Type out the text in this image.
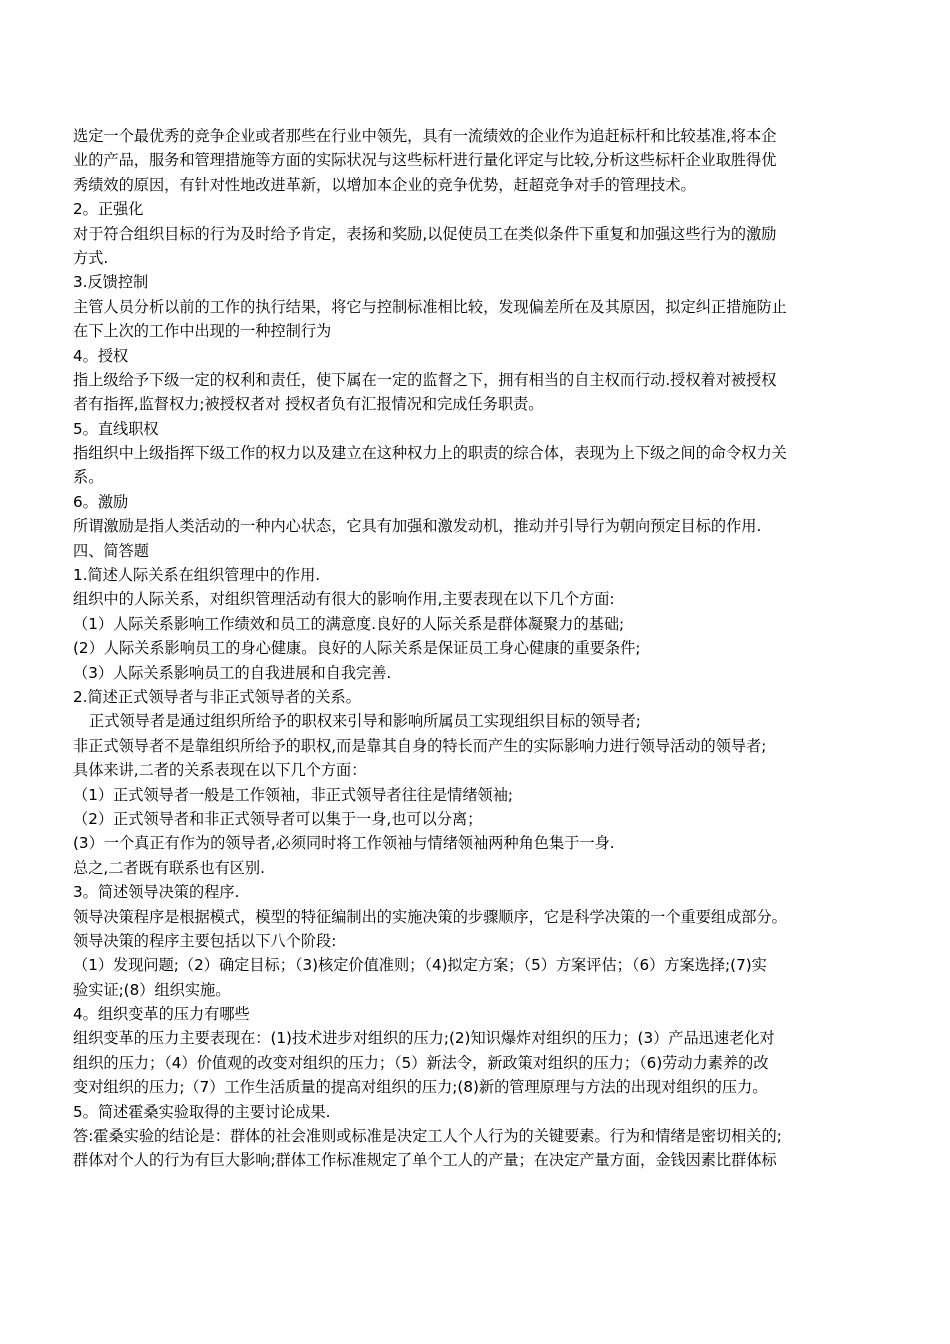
选定一个最优秀的竞争企业或者那些在行业中领先，具有一流绩效的企业作为追赶标杆和比较基准,将本企
业的产品，服务和管理措施等方面的实际状况与这些标杆进行量化评定与比较,分析这些标杆企业取胜得优
秀绩效的原因，有针对性地改进革新，以增加本企业的竞争优势，赶超竞争对手的管理技术。
2。正强化
对于符合组织目标的行为及时给予肯定，表扬和奖励,以促使员工在类似条件下重复和加强这些行为的激励
方式.
3.反馈控制
主管人员分析以前的工作的执行结果，将它与控制标准相比较，发现偏差所在及其原因，拟定纠正措施防止
在下上次的工作中出现的一种控制行为
4。授权
指上级给予下级一定的权利和责任，使下属在一定的监督之下，拥有相当的自主权而行动.授权着对被授权
者有指挥,监督权力;被授权者对 授权者负有汇报情况和完成任务职责。
5。直线职权
指组织中上级指挥下级工作的权力以及建立在这种权力上的职责的综合体，表现为上下级之间的命令权力关
系。
6。激励
所谓激励是指人类活动的一种内心状态，它具有加强和激发动机，推动并引导行为朝向预定目标的作用.
四、简答题
1.简述人际关系在组织管理中的作用.
组织中的人际关系，对组织管理活动有很大的影响作用,主要表现在以下几个方面:
（1）人际关系影响工作绩效和员工的满意度.良好的人际关系是群体凝聚力的基础;
(2）人际关系影响员工的身心健康。良好的人际关系是保证员工身心健康的重要条件;
（3）人际关系影响员工的自我进展和自我完善.
2.简述正式领导者与非正式领导者的关系。
正式领导者是通过组织所给予的职权来引导和影响所属员工实现组织目标的领导者;
非正式领导者不是靠组织所给予的职权,而是靠其自身的特长而产生的实际影响力进行领导活动的领导者;
具体来讲,二者的关系表现在以下几个方面：
（1）正式领导者一般是工作领袖，非正式领导者往往是情绪领袖;
（2）正式领导者和非正式领导者可以集于一身,也可以分离；
(3）一个真正有作为的领导者,必须同时将工作领袖与情绪领袖两种角色集于一身.
总之,二者既有联系也有区别.
3。简述领导决策的程序.
领导决策程序是根据模式，模型的特征编制出的实施决策的步骤顺序，它是科学决策的一个重要组成部分。
领导决策的程序主要包括以下八个阶段:
（1）发现问题;（2）确定目标；（3)核定价值准则；（4)拟定方案；（5）方案评估；（6）方案选择;(7)实
验实证;(8）组织实施。
4。组织变革的压力有哪些
组织变革的压力主要表现在：(1)技术进步对组织的压力;(2)知识爆炸对组织的压力；(3）产品迅速老化对
组织的压力；（4）价值观的改变对组织的压力；（5）新法令，新政策对组织的压力；（6)劳动力素养的改
变对组织的压力;（7）工作生活质量的提高对组织的压力;(8)新的管理原理与方法的出现对组织的压力。
5。简述霍桑实验取得的主要讨论成果.
答:霍桑实验的结论是：群体的社会准则或标准是决定工人个人行为的关键要素。行为和情绪是密切相关的;
群体对个人的行为有巨大影响;群体工作标准规定了单个工人的产量；在决定产量方面，金钱因素比群体标
